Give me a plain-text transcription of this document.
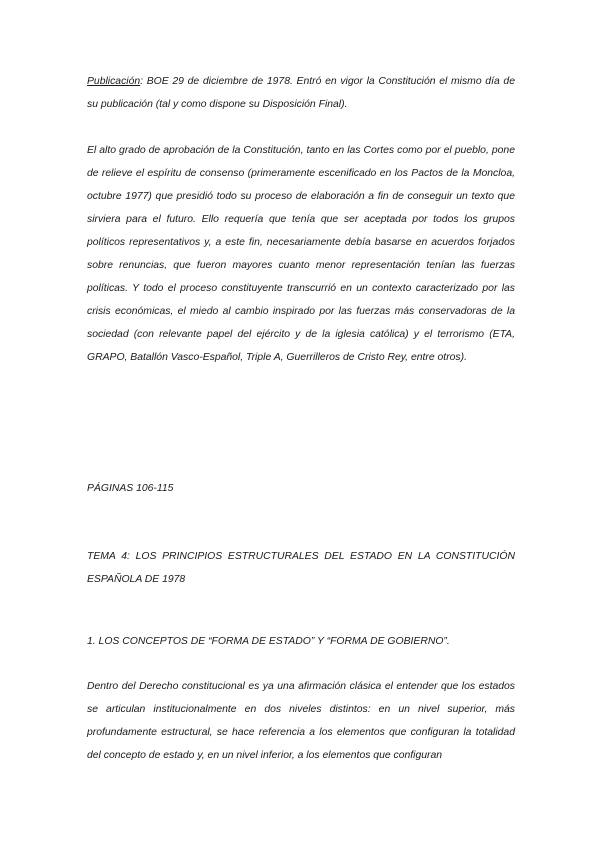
Publicación: BOE 29 de diciembre de 1978. Entró en vigor la Constitución el mismo día de su publicación (tal y como dispone su Disposición Final).

El alto grado de aprobación de la Constitución, tanto en las Cortes como por el pueblo, pone de relieve el espíritu de consenso (primeramente escenificado en los Pactos de la Moncloa, octubre 1977) que presidió todo su proceso de elaboración a fin de conseguir un texto que sirviera para el futuro. Ello requería que tenía que ser aceptada por todos los grupos políticos representativos y, a este fin, necesariamente debía basarse en acuerdos forjados sobre renuncias, que fueron mayores cuanto menor representación tenían las fuerzas políticas. Y todo el proceso constituyente transcurrió en un contexto caracterizado por las crisis económicas, el miedo al cambio inspirado por las fuerzas más conservadoras de la sociedad (con relevante papel del ejército y de la iglesia católica) y el terrorismo (ETA, GRAPO, Batallón Vasco-Español, Triple A, Guerrilleros de Cristo Rey, entre otros).

PÁGINAS 106-115

TEMA 4: LOS PRINCIPIOS ESTRUCTURALES DEL ESTADO EN LA CONSTITUCIÓN ESPAÑOLA DE 1978

1. LOS CONCEPTOS DE “FORMA DE ESTADO” Y “FORMA DE GOBIERNO”.

Dentro del Derecho constitucional es ya una afirmación clásica el entender que los estados se articulan institucionalmente en dos niveles distintos: en un nivel superior, más profundamente estructural, se hace referencia a los elementos que configuran la totalidad del concepto de estado y, en un nivel inferior, a los elementos que configuran
